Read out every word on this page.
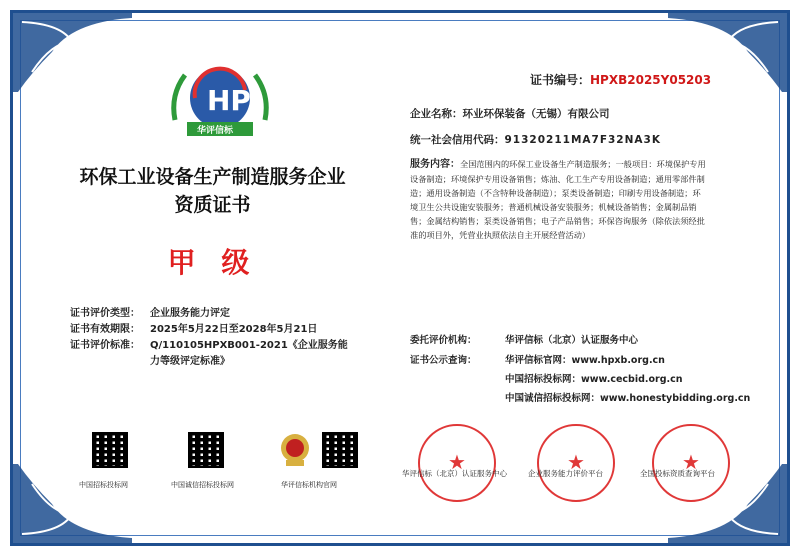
HP
华评信标
证书编号：HPXB2025Y05203
环保工业设备生产制造服务企业
资质证书
甲 级
企业名称：环业环保装备（无锡）有限公司
统一社会信用代码：91320211MA7F32NA3K
服务内容：全国范围内的环保工业设备生产制造服务；一般项目：环境保护专用
设备制造；环境保护专用设备销售；炼油、化工生产专用设备制造；通用零部件制
造；通用设备制造（不含特种设备制造）；泵类设备制造；印刷专用设备制造；环
境卫生公共设施安装服务；普通机械设备安装服务；机械设备销售；金属制品销
售；金属结构销售；泵类设备销售；电子产品销售；环保咨询服务（除依法须经批
准的项目外，凭营业执照依法自主开展经营活动）
证书评价类型： 企业服务能力评定
证书有效期限： 2025年5月22日至2028年5月21日
证书评价标准： Q/110105HPXB001-2021《企业服务能
力等级评定标准》
委托评价机构：	华评信标（北京）认证服务中心
证书公示查询：	华评信标官网：www.hpxb.org.cn
中国招标投标网：www.cecbid.org.cn
中国诚信招标投标网：www.honestybidding.org.cn
中国招标投标网	中国诚信招标投标网	华评信标机构官网
★	★	★
华评信标（北京）认证服务中心	企业服务能力评价平台	全国投标资质查询平台
